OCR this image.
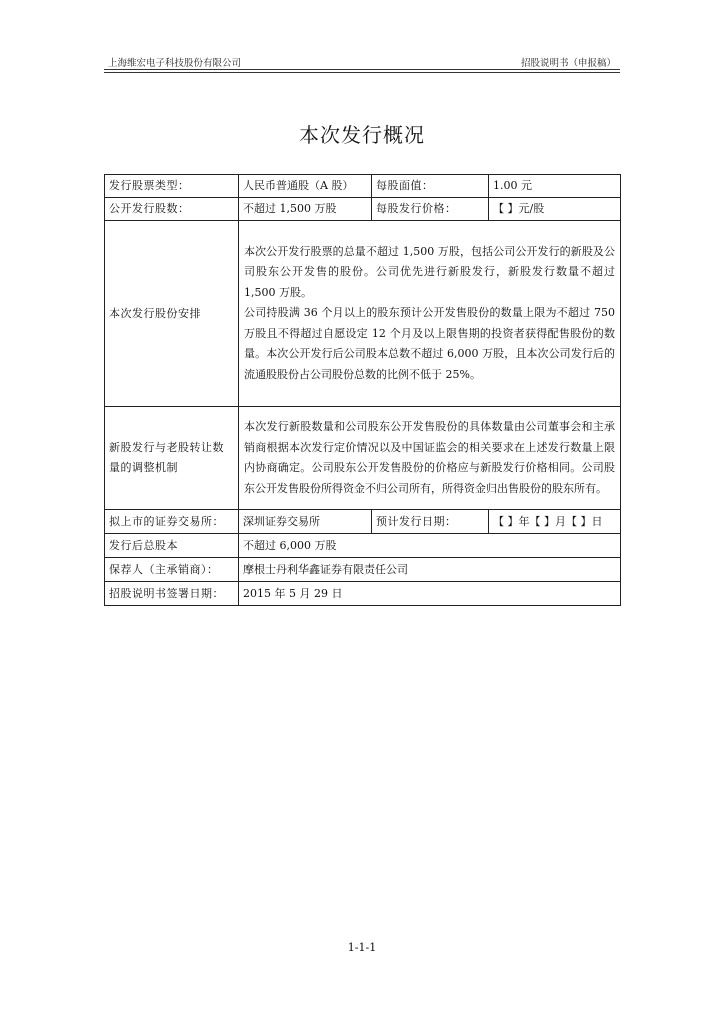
上海维宏电子科技股份有限公司	招股说明书（申报稿）
本次发行概况
发行股票类型：	人民币普通股（A 股）	每股面值：	1.00 元
公开发行股数：	不超过 1,500 万股	每股发行价格：	【 】元/股
本次发行股份安排	本次公开发行股票的总量不超过 1,500 万股，包括公司公开发行的新股及公司股东公开发售的股份。公司优先进行新股发行，新股发行数量不超过 1,500 万股。
公司持股满 36 个月以上的股东预计公开发售股份的数量上限为不超过 750 万股且不得超过自愿设定 12 个月及以上限售期的投资者获得配售股份的数量。本次公开发行后公司股本总数不超过 6,000 万股，且本次公司发行后的流通股股份占公司股份总数的比例不低于 25%。		

新股发行与老股转让数量的调整机制	本次发行新股数量和公司股东公开发售股份的具体数量由公司董事会和主承销商根据本次发行定价情况以及中国证监会的相关要求在上述发行数量上限内协商确定。公司股东公开发售股份的价格应与新股发行价格相同。公司股东公开发售股份所得资金不归公司所有，所得资金归出售股份的股东所有。		
拟上市的证券交易所：	深圳证券交易所	预计发行日期：	【 】年【 】月【 】日
发行后总股本	不超过 6,000 万股		
保荐人（主承销商）：	摩根士丹利华鑫证券有限责任公司		
招股说明书签署日期：	2015 年 5 月 29 日		
1-1-1
